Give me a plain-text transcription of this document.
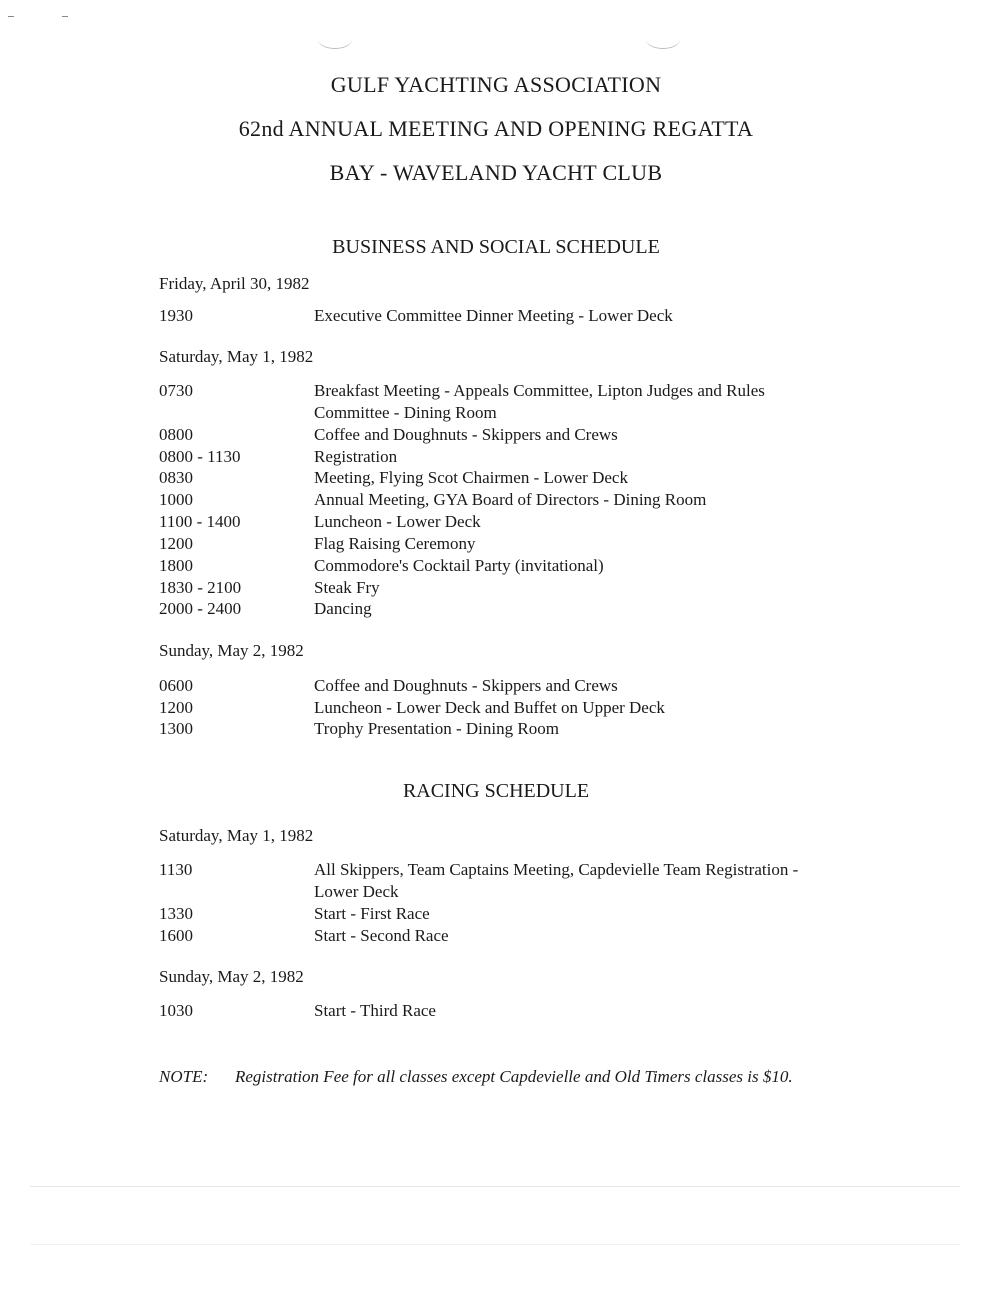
GULF YACHTING ASSOCIATION
62nd ANNUAL MEETING AND OPENING REGATTA
BAY - WAVELAND YACHT CLUB
BUSINESS AND SOCIAL SCHEDULE
Friday, April 30, 1982
1930	Executive Committee Dinner Meeting - Lower Deck
Saturday, May 1, 1982
0730	Breakfast Meeting - Appeals Committee, Lipton Judges and Rules Committee - Dining Room
0800	Coffee and Doughnuts - Skippers and Crews
0800 - 1130	Registration
0830	Meeting, Flying Scot Chairmen - Lower Deck
1000	Annual Meeting, GYA Board of Directors - Dining Room
1100 - 1400	Luncheon - Lower Deck
1200	Flag Raising Ceremony
1800	Commodore's Cocktail Party (invitational)
1830 - 2100	Steak Fry
2000 - 2400	Dancing
Sunday, May 2, 1982
0600	Coffee and Doughnuts - Skippers and Crews
1200	Luncheon - Lower Deck and Buffet on Upper Deck
1300	Trophy Presentation - Dining Room
RACING SCHEDULE
Saturday, May 1, 1982
1130	All Skippers, Team Captains Meeting, Capdevielle Team Registration - Lower Deck
1330	Start - First Race
1600	Start - Second Race
Sunday, May 2, 1982
1030	Start - Third Race
NOTE: Registration Fee for all classes except Capdevielle and Old Timers classes is $10.
